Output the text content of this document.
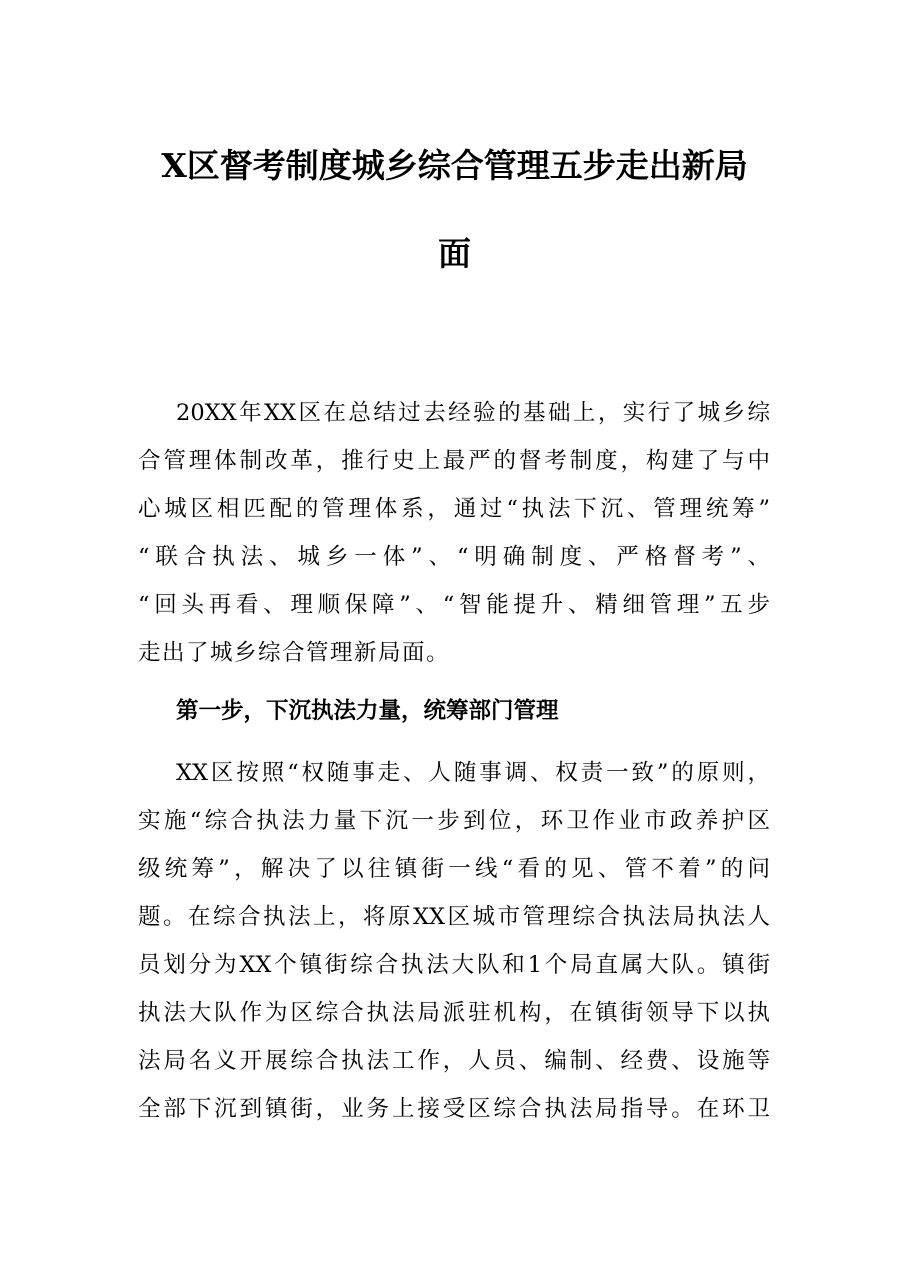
X区督考制度城乡综合管理五步走出新局
面
20XX年XX区在总结过去经验的基础上，实行了城乡综
合管理体制改革，推行史上最严的督考制度，构建了与中
心城区相匹配的管理体系，通过“执法下沉、管理统筹”
“联合执法、城乡一体”、“明确制度、严格督考”、
“回头再看、理顺保障”、“智能提升、精细管理”五步
走出了城乡综合管理新局面。
第一步，下沉执法力量，统筹部门管理
XX区按照“权随事走、人随事调、权责一致”的原则，
实施“综合执法力量下沉一步到位，环卫作业市政养护区
级统筹”，解决了以往镇街一线“看的见、管不着”的问
题。在综合执法上，将原XX区城市管理综合执法局执法人
员划分为XX个镇街综合执法大队和1个局直属大队。镇街
执法大队作为区综合执法局派驻机构，在镇街领导下以执
法局名义开展综合执法工作，人员、编制、经费、设施等
全部下沉到镇街，业务上接受区综合执法局指导。在环卫
